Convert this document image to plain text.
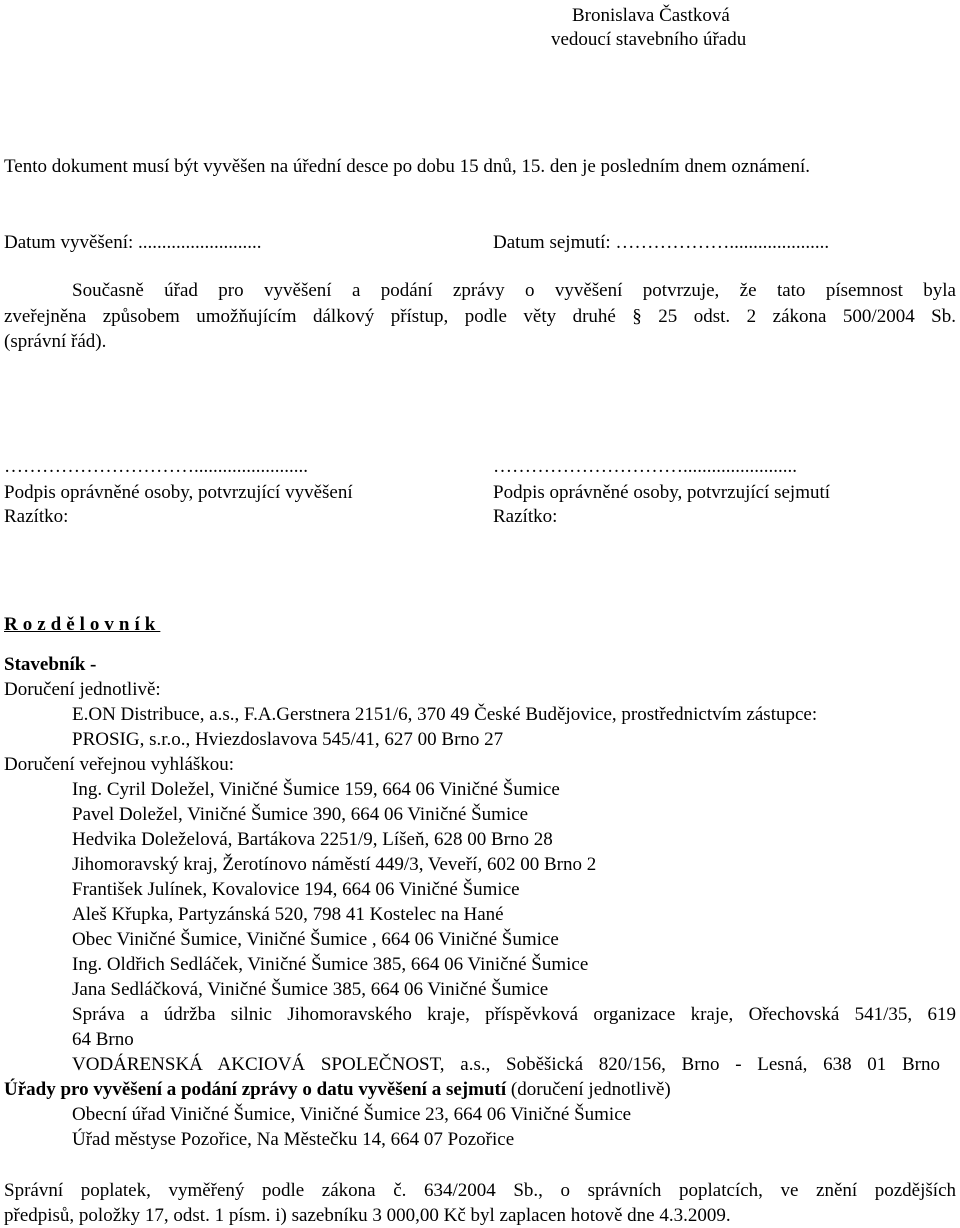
Bronislava Častková
vedoucí stavebního úřadu
Tento dokument musí být vyvěšen na úřední desce po dobu 15 dnů, 15. den je posledním dnem oznámení.
Datum vyvěšení: ..........................	Datum sejmutí: ……………….....................
Současně úřad pro vyvěšení a podání zprávy o vyvěšení potvrzuje, že tato písemnost byla
zveřejněna způsobem umožňujícím dálkový přístup, podle věty druhé § 25 odst. 2 zákona 500/2004 Sb.
(správní řád).
…………………………........................
Podpis oprávněné osoby, potvrzující vyvěšení
Razítko:
…………………………........................
Podpis oprávněné osoby, potvrzující sejmutí
Razítko:
Rozdělovník
Stavebník -
Doručení jednotlivě:
E.ON Distribuce, a.s., F.A.Gerstnera 2151/6, 370 49 České Budějovice, prostřednictvím zástupce:
PROSIG, s.r.o., Hviezdoslavova 545/41, 627 00 Brno 27
Doručení veřejnou vyhláškou:
Ing. Cyril Doležel, Viničné Šumice 159, 664 06 Viničné Šumice
Pavel Doležel, Viničné Šumice 390, 664 06 Viničné Šumice
Hedvika Doleželová, Bartákova 2251/9, Líšeň, 628 00 Brno 28
Jihomoravský kraj, Žerotínovo náměstí 449/3, Veveří, 602 00 Brno 2
František Julínek, Kovalovice 194, 664 06 Viničné Šumice
Aleš Křupka, Partyzánská 520, 798 41 Kostelec na Hané
Obec Viničné Šumice, Viničné Šumice , 664 06 Viničné Šumice
Ing. Oldřich Sedláček, Viničné Šumice 385, 664 06 Viničné Šumice
Jana Sedláčková, Viničné Šumice 385, 664 06 Viničné Šumice
Správa a údržba silnic Jihomoravského kraje, příspěvková organizace kraje, Ořechovská 541/35, 619
64 Brno
VODÁRENSKÁ AKCIOVÁ SPOLEČNOST, a.s., Soběšická 820/156, Brno - Lesná, 638 01 Brno
Úřady pro vyvěšení a podání zprávy o datu vyvěšení a sejmutí (doručení jednotlivě)
Obecní úřad Viničné Šumice, Viničné Šumice 23, 664 06 Viničné Šumice
Úřad městyse Pozořice, Na Městečku 14, 664 07 Pozořice
Správní poplatek, vyměřený podle zákona č. 634/2004 Sb., o správních poplatcích, ve znění pozdějších
předpisů, položky 17, odst. 1 písm. i) sazebníku 3 000,00 Kč byl zaplacen hotově dne 4.3.2009.
